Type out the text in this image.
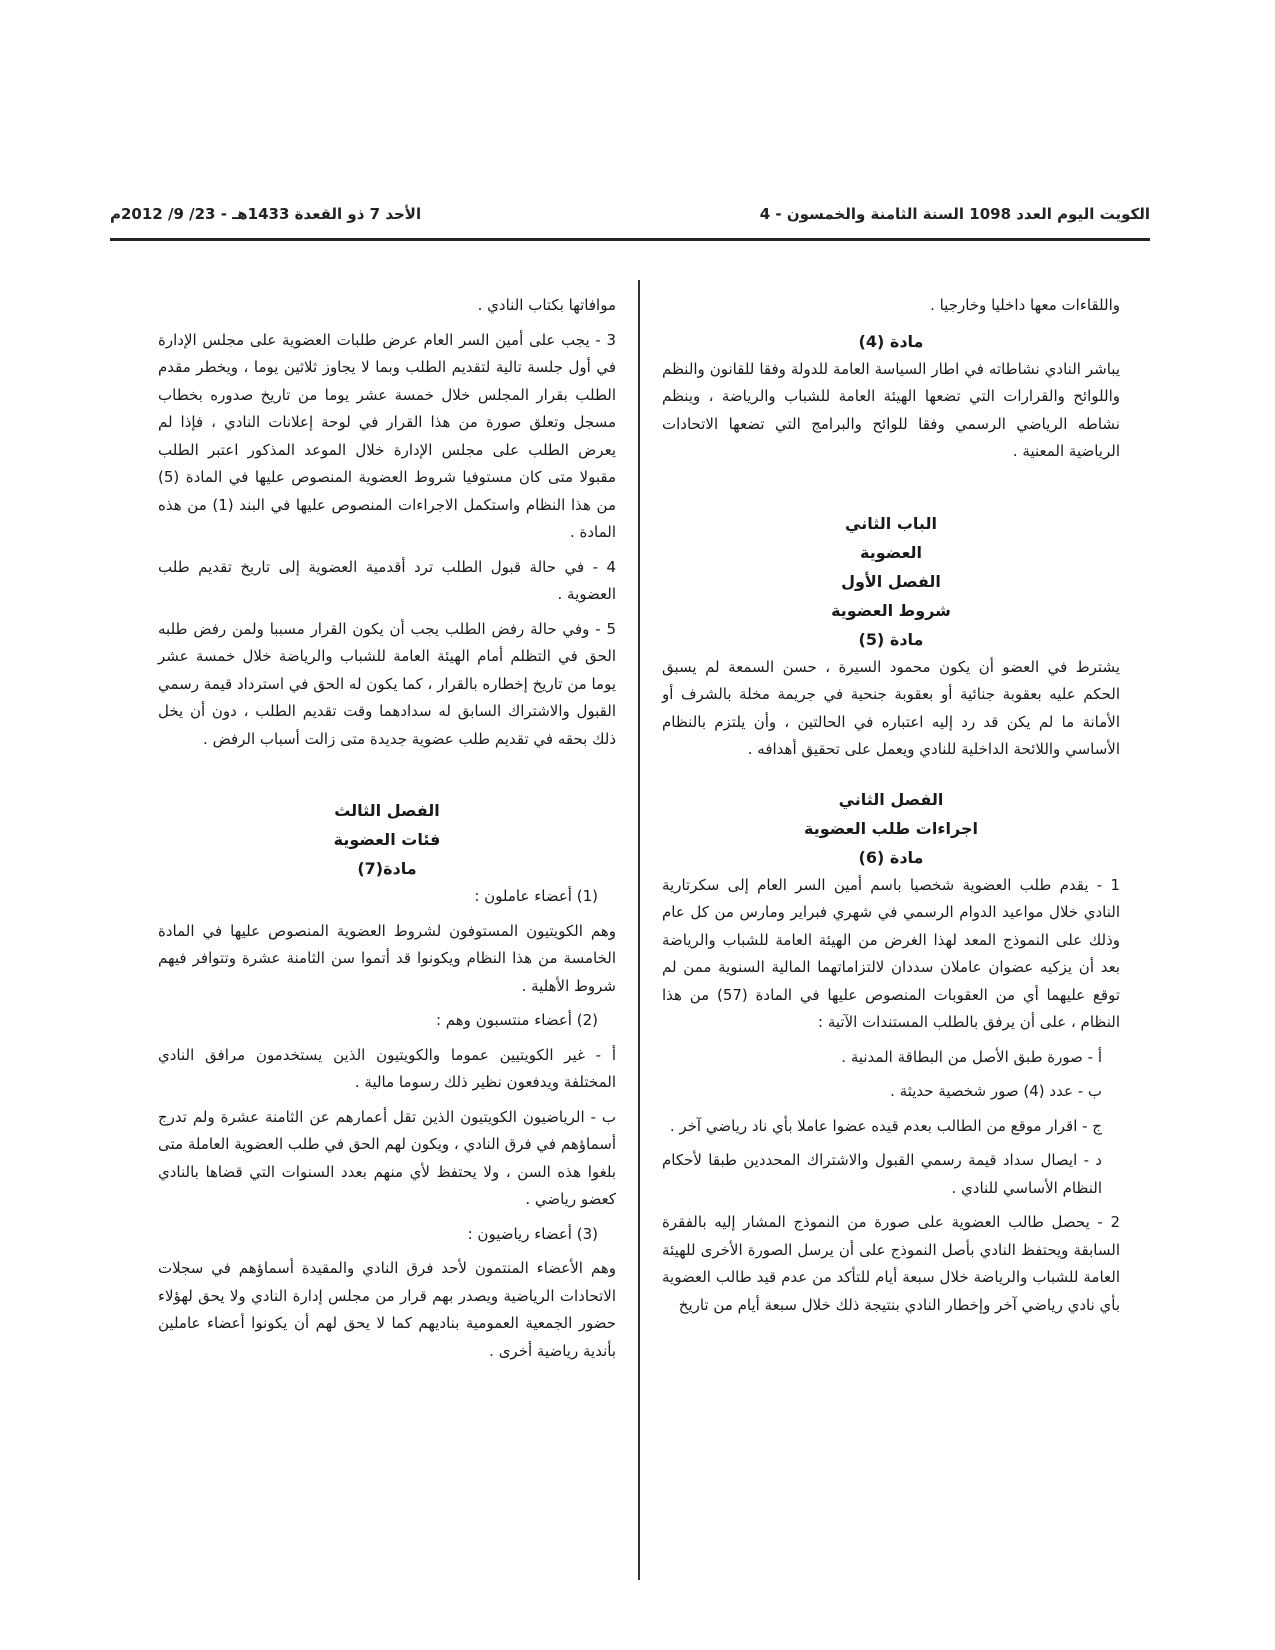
الكويت اليوم العدد 1098 السنة الثامنة والخمسون - 4
الأحد 7 ذو القعدة 1433هـ - 23/ 9/ 2012م

واللقاءات معها داخليا وخارجيا .

مادة (4)

يباشر النادي نشاطاته في اطار السياسة العامة للدولة وفقا للقانون والنظم واللوائح والقرارات التي تضعها الهيئة العامة للشباب والرياضة ، وينظم نشاطه الرياضي الرسمي وفقا للوائح والبرامج التي تضعها الاتحادات الرياضية المعنية .

الباب الثاني

العضوية

الفصل الأول

شروط العضوية

مادة (5)

يشترط في العضو أن يكون محمود السيرة ، حسن السمعة لم يسبق الحكم عليه بعقوبة جنائية أو بعقوبة جنحية في جريمة مخلة بالشرف أو الأمانة ما لم يكن قد رد إليه اعتباره في الحالتين ، وأن يلتزم بالنظام الأساسي واللائحة الداخلية للنادي ويعمل على تحقيق أهدافه .

الفصل الثاني

اجراءات طلب العضوية

مادة (6)

1 - يقدم طلب العضوية شخصيا باسم أمين السر العام إلى سكرتارية النادي خلال مواعيد الدوام الرسمي في شهري فبراير ومارس من كل عام وذلك على النموذج المعد لهذا الغرض من الهيئة العامة للشباب والرياضة بعد أن يزكيه عضوان عاملان سددان لالتزاماتهما المالية السنوية ممن لم توقع عليهما أي من العقوبات المنصوص عليها في المادة (57) من هذا النظام ، على أن يرفق بالطلب المستندات الآتية :

أ - صورة طبق الأصل من البطاقة المدنية .

ب - عدد (4) صور شخصية حديثة .

ج - اقرار موقع من الطالب بعدم قيده عضوا عاملا بأي ناد رياضي آخر .

د - ايصال سداد قيمة رسمي القبول والاشتراك المحددين طبقا لأحكام النظام الأساسي للنادي .

2 - يحصل طالب العضوية على صورة من النموذج المشار إليه بالفقرة السابقة ويحتفظ النادي بأصل النموذج على أن يرسل الصورة الأخرى للهيئة العامة للشباب والرياضة خلال سبعة أيام للتأكد من عدم قيد طالب العضوية بأي نادي رياضي آخر وإخطار النادي بنتيجة ذلك خلال سبعة أيام من تاريخ

موافاتها بكتاب النادي .

3 - يجب على أمين السر العام عرض طلبات العضوية على مجلس الإدارة في أول جلسة تالية لتقديم الطلب وبما لا يجاوز ثلاثين يوما ، ويخطر مقدم الطلب بقرار المجلس خلال خمسة عشر يوما من تاريخ صدوره بخطاب مسجل وتعلق صورة من هذا القرار في لوحة إعلانات النادي ، فإذا لم يعرض الطلب على مجلس الإدارة خلال الموعد المذكور اعتبر الطلب مقبولا متى كان مستوفيا شروط العضوية المنصوص عليها في المادة (5) من هذا النظام واستكمل الاجراءات المنصوص عليها في البند (1) من هذه المادة .

4 - في حالة قبول الطلب ترد أقدمية العضوية إلى تاريخ تقديم طلب العضوية .

5 - وفي حالة رفض الطلب يجب أن يكون القرار مسببا ولمن رفض طلبه الحق في التظلم أمام الهيئة العامة للشباب والرياضة خلال خمسة عشر يوما من تاريخ إخطاره بالقرار ، كما يكون له الحق في استرداد قيمة رسمي القبول والاشتراك السابق له سدادهما وقت تقديم الطلب ، دون أن يخل ذلك بحقه في تقديم طلب عضوية جديدة متى زالت أسباب الرفض .

الفصل الثالث

فئات العضوية

مادة(7)

(1) أعضاء عاملون :

وهم الكويتيون المستوفون لشروط العضوية المنصوص عليها في المادة الخامسة من هذا النظام ويكونوا قد أتموا سن الثامنة عشرة وتتوافر فيهم شروط الأهلية .

(2) أعضاء منتسبون وهم :

أ - غير الكويتيين عموما والكويتيون الذين يستخدمون مرافق النادي المختلفة ويدفعون نظير ذلك رسوما مالية .

ب - الرياضيون الكويتيون الذين تقل أعمارهم عن الثامنة عشرة ولم تدرج أسماؤهم في فرق النادي ، ويكون لهم الحق في طلب العضوية العاملة متى بلغوا هذه السن ، ولا يحتفظ لأي منهم بعدد السنوات التي قضاها بالنادي كعضو رياضي .

(3) أعضاء رياضيون :

وهم الأعضاء المنتمون لأحد فرق النادي والمقيدة أسماؤهم في سجلات الاتحادات الرياضية ويصدر بهم قرار من مجلس إدارة النادي ولا يحق لهؤلاء حضور الجمعية العمومية بناديهم كما لا يحق لهم أن يكونوا أعضاء عاملين بأندية رياضية أخرى .
